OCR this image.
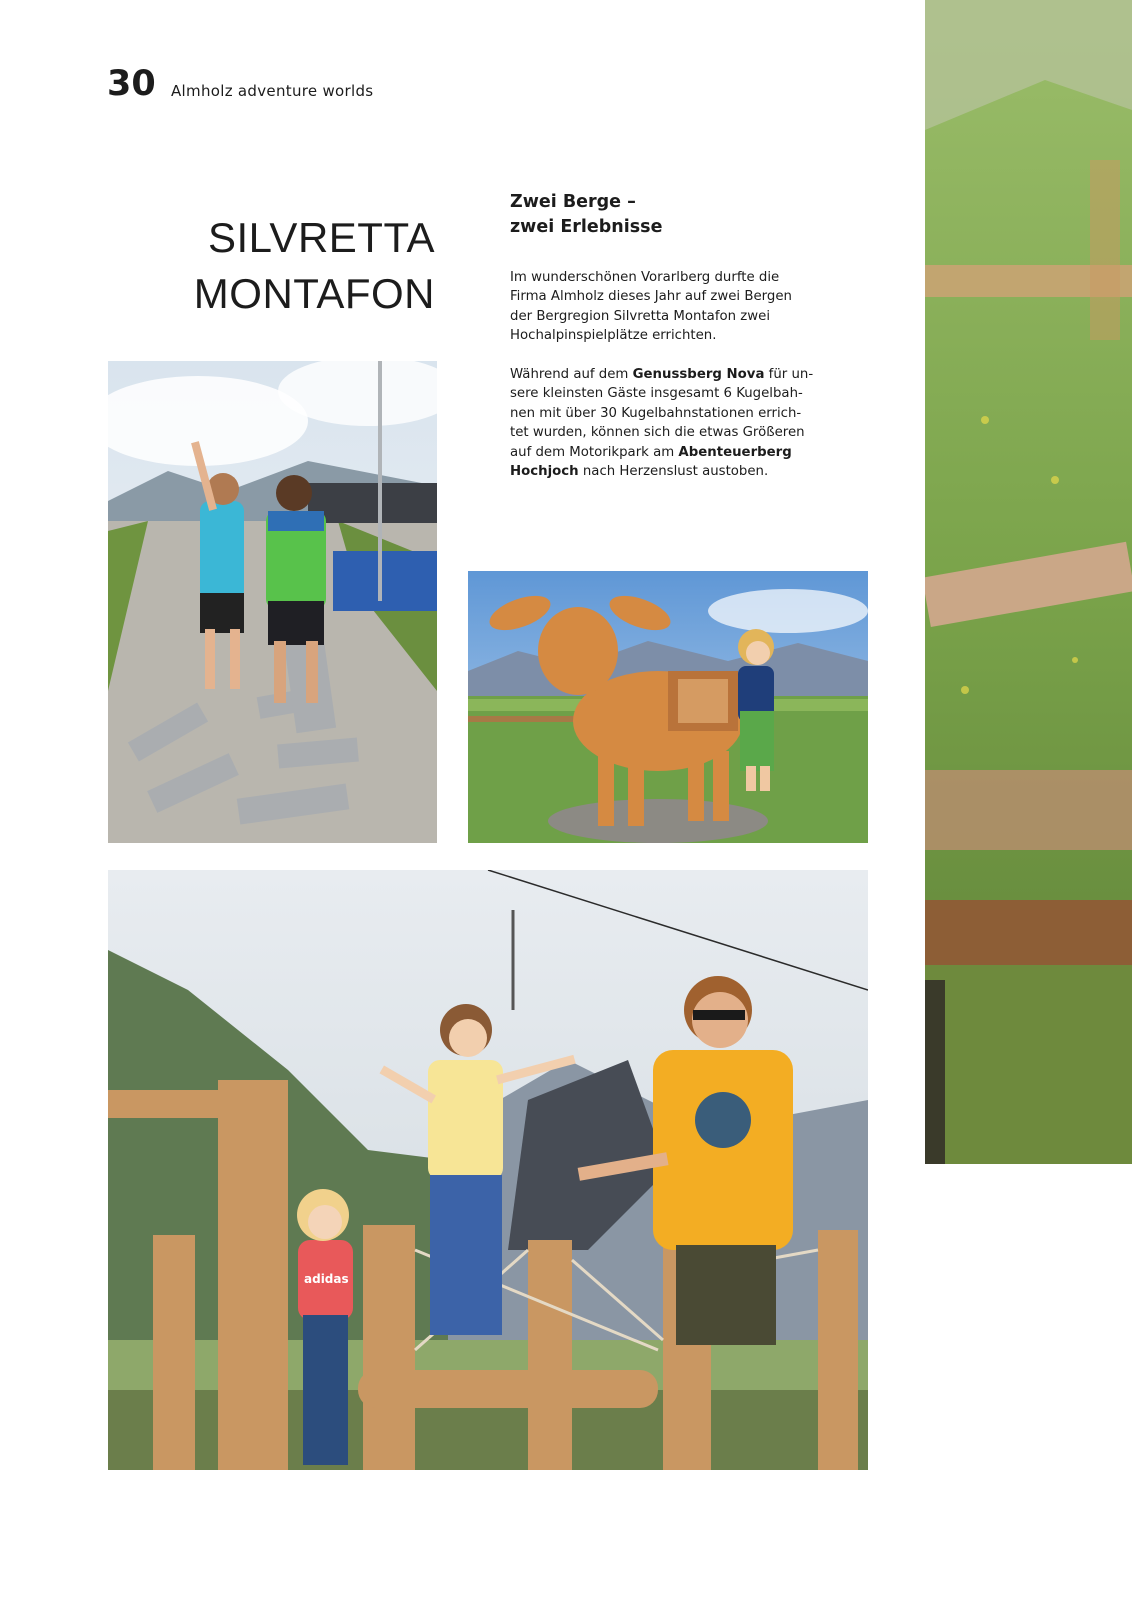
30 Almholz adventure worlds
SILVRETTA
MONTAFON
Zwei Berge –
zwei Erlebnisse

Im wunderschönen Vorarlberg durfte die
Firma Almholz dieses Jahr auf zwei Bergen
der Bergregion Silvretta Montafon zwei
Hochalpinspielplätze errichten.

Während auf dem Genussberg Nova für un-
sere kleinsten Gäste insgesamt 6 Kugelbah-
nen mit über 30 Kugelbahnstationen errich-
tet wurden, können sich die etwas Größeren
auf dem Motorikpark am Abenteuerberg
Hochjoch nach Herzenslust austoben.

adidas
